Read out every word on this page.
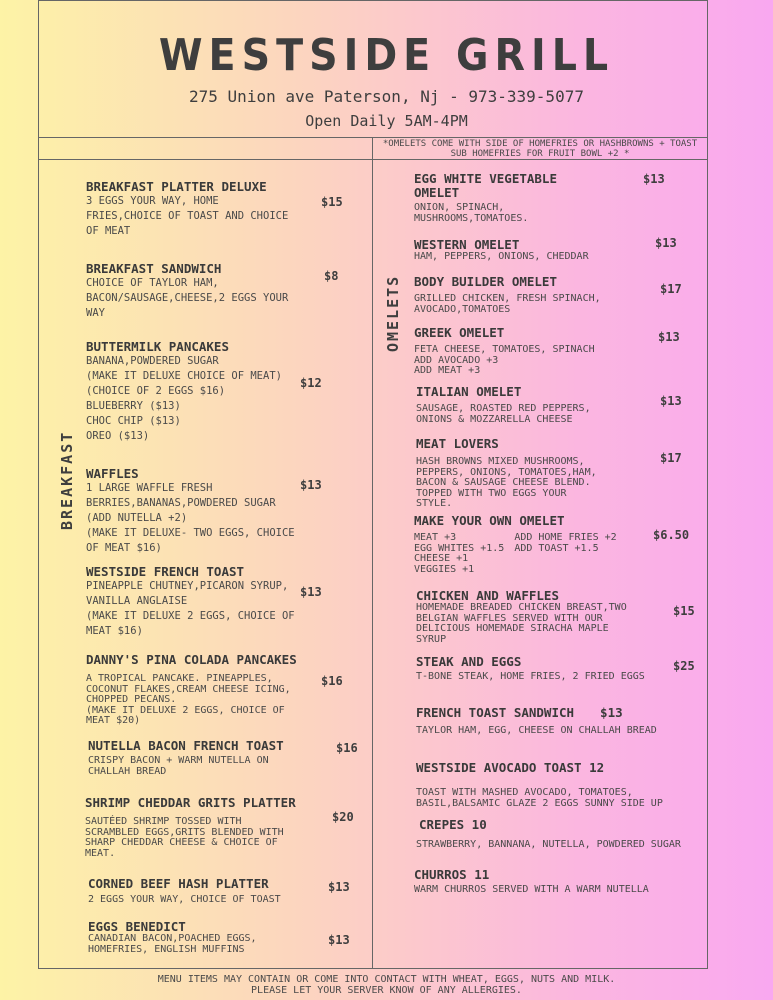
WESTSIDE GRILL
275 Union ave Paterson, Nj - 973-339-5077
Open Daily 5AM-4PM
*OMELETS COME WITH SIDE OF HOMEFRIES OR HASHBROWNS + TOAST
SUB HOMEFRIES FOR FRUIT BOWL +2 *
BREAKFAST
OMELETS
BREAKFAST PLATTER DELUXE
3 EGGS YOUR WAY, HOME
FRIES,CHOICE OF TOAST AND CHOICE
OF MEAT
$15
BREAKFAST SANDWICH
CHOICE OF TAYLOR HAM,
BACON/SAUSAGE,CHEESE,2 EGGS YOUR
WAY
$8
BUTTERMILK PANCAKES
BANANA,POWDERED SUGAR
(MAKE IT DELUXE CHOICE OF MEAT)
(CHOICE OF 2 EGGS $16)
BLUEBERRY ($13)
CHOC CHIP ($13)
OREO ($13)
$12
WAFFLES
1 LARGE WAFFLE FRESH
BERRIES,BANANAS,POWDERED SUGAR
(ADD NUTELLA +2)
(MAKE IT DELUXE- TWO EGGS, CHOICE
OF MEAT $16)
$13
WESTSIDE FRENCH TOAST
PINEAPPLE CHUTNEY,PICARON SYRUP,
VANILLA ANGLAISE
(MAKE IT DELUXE 2 EGGS, CHOICE OF
MEAT $16)
$13
DANNY'S PINA COLADA PANCAKES
A TROPICAL PANCAKE. PINEAPPLES,
COCONUT FLAKES,CREAM CHEESE ICING,
CHOPPED PECANS.
(MAKE IT DELUXE 2 EGGS, CHOICE OF
MEAT $20)
$16
NUTELLA BACON FRENCH TOAST
CRISPY BACON + WARM NUTELLA ON
CHALLAH BREAD
$16
SHRIMP CHEDDAR GRITS PLATTER
SAUTÉED SHRIMP TOSSED WITH
SCRAMBLED EGGS,GRITS BLENDED WITH
SHARP CHEDDAR CHEESE & CHOICE OF
MEAT.
$20
CORNED BEEF HASH PLATTER
2 EGGS YOUR WAY, CHOICE OF TOAST
$13
EGGS BENEDICT
CANADIAN BACON,POACHED EGGS,
HOMEFRIES, ENGLISH MUFFINS
$13
EGG WHITE VEGETABLE
OMELET
ONION, SPINACH,
MUSHROOMS,TOMATOES.
$13
WESTERN OMELET
HAM, PEPPERS, ONIONS, CHEDDAR
$13
BODY BUILDER OMELET
GRILLED CHICKEN, FRESH SPINACH,
AVOCADO,TOMATOES
$17
GREEK OMELET
FETA CHEESE, TOMATOES, SPINACH
ADD AVOCADO +3
ADD MEAT +3
$13
ITALIAN OMELET
SAUSAGE, ROASTED RED PEPPERS,
ONIONS & MOZZARELLA CHEESE
$13
MEAT LOVERS
HASH BROWNS MIXED MUSHROOMS,
PEPPERS, ONIONS, TOMATOES,HAM,
BACON & SAUSAGE CHEESE BLEND.
TOPPED WITH TWO EGGS YOUR
STYLE.
$17
MAKE YOUR OWN OMELET
MEAT +3
EGG WHITES +1.5
CHEESE +1
VEGGIES +1
ADD HOME FRIES +2
ADD TOAST +1.5
$6.50
CHICKEN AND WAFFLES
HOMEMADE BREADED CHICKEN BREAST,TWO
BELGIAN WAFFLES SERVED WITH OUR
DELICIOUS HOMEMADE SIRACHA MAPLE
SYRUP
$15
STEAK AND EGGS
T-BONE STEAK, HOME FRIES, 2 FRIED EGGS
$25
FRENCH TOAST SANDWICH $13
TAYLOR HAM, EGG, CHEESE ON CHALLAH BREAD
WESTSIDE AVOCADO TOAST 12
TOAST WITH MASHED AVOCADO, TOMATOES,
BASIL,BALSAMIC GLAZE 2 EGGS SUNNY SIDE UP
CREPES 10
STRAWBERRY, BANNANA, NUTELLA, POWDERED SUGAR
CHURROS 11
WARM CHURROS SERVED WITH A WARM NUTELLA
MENU ITEMS MAY CONTAIN OR COME INTO CONTACT WITH WHEAT, EGGS, NUTS AND MILK.
PLEASE LET YOUR SERVER KNOW OF ANY ALLERGIES.
